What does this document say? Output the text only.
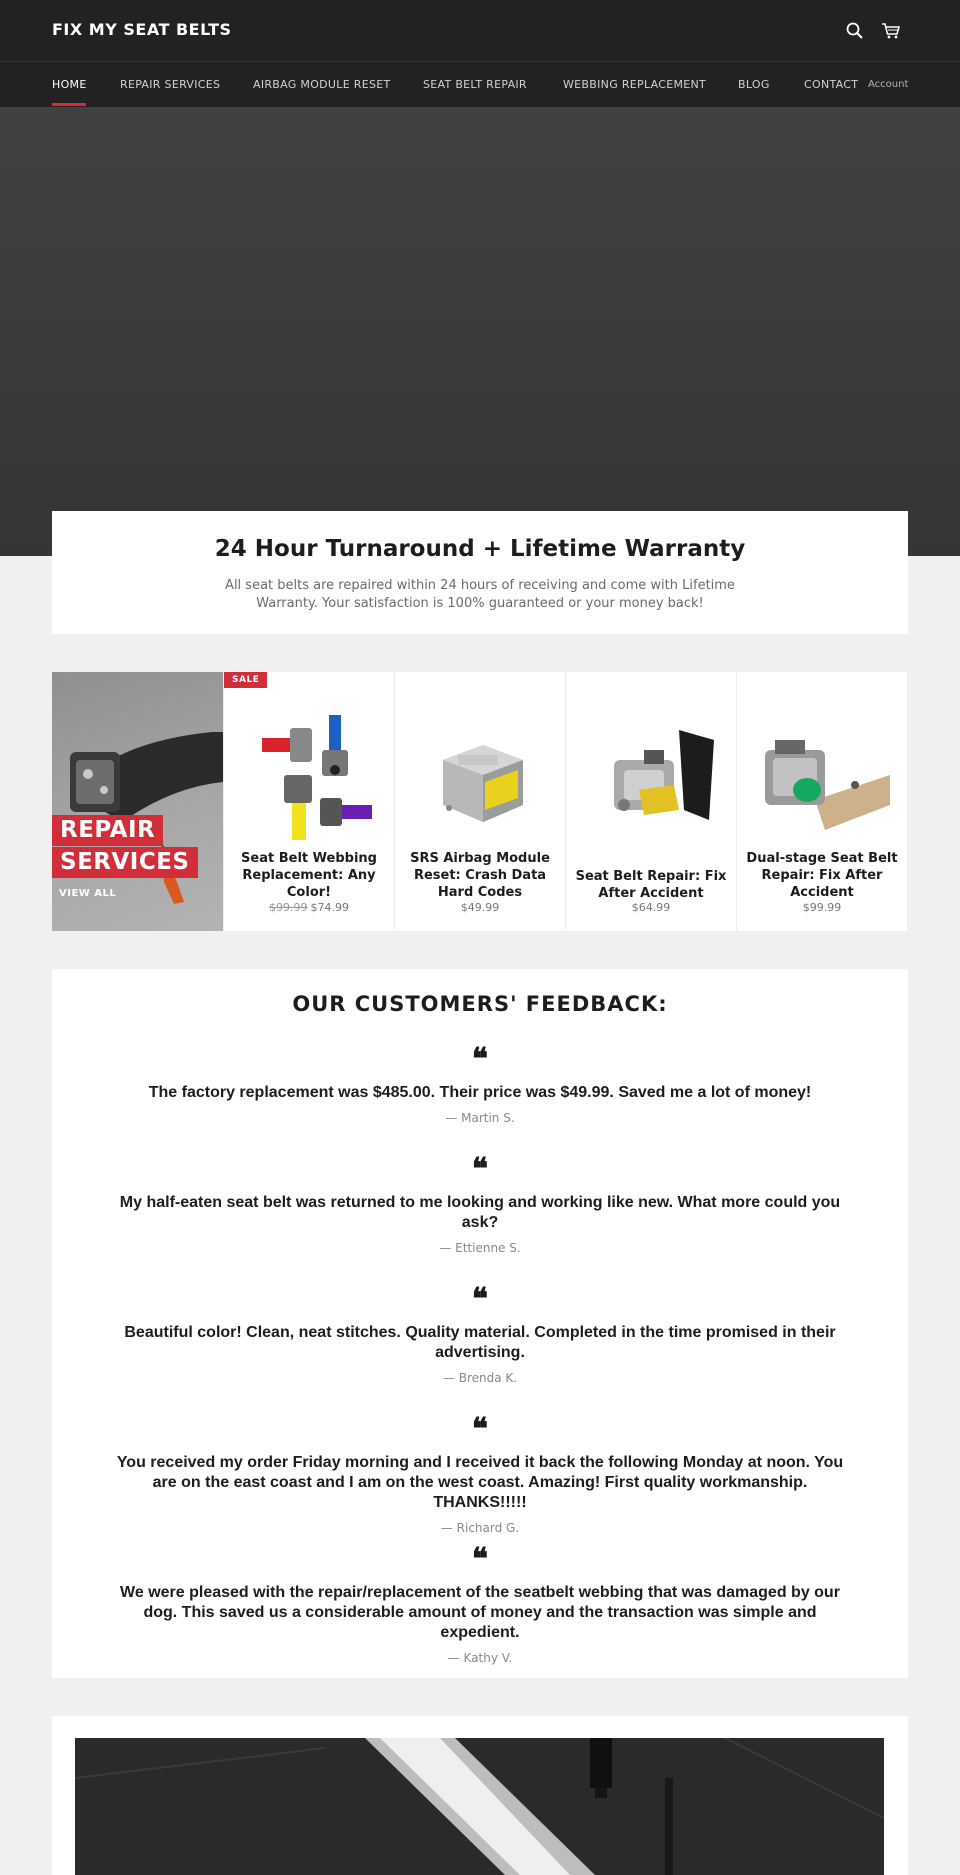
FIX MY SEAT BELTS
HOME	REPAIR SERVICES	AIRBAG MODULE RESET	SEAT BELT REPAIR	WEBBING REPLACEMENT	BLOG	CONTACT Account
24 Hour Turnaround + Lifetime Warranty

All seat belts are repaired within 24 hours of receiving and come with Lifetime Warranty. Your satisfaction is 100% guaranteed or your money back!

REPAIR
SERVICES
VIEW ALL
SALE
Seat Belt Webbing Replacement: Any Color!
$99.99 $74.99
SRS Airbag Module Reset: Crash Data Hard Codes
$49.99
Seat Belt Repair: Fix After Accident
$64.99
Dual-stage Seat Belt Repair: Fix After Accident
$99.99
OUR CUSTOMERS' FEEDBACK:
❝
The factory replacement was $485.00. Their price was $49.99. Saved me a lot of money!
— Martin S.
❝
My half-eaten seat belt was returned to me looking and working like new. What more could you ask?
— Ettienne S.
❝
Beautiful color! Clean, neat stitches. Quality material. Completed in the time promised in their advertising.
— Brenda K.
❝
You received my order Friday morning and I received it back the following Monday at noon. You are on the east coast and I am on the west coast. Amazing! First quality workmanship. THANKS!!!!!
— Richard G.
❝
We were pleased with the repair/replacement of the seatbelt webbing that was damaged by our dog. This saved us a considerable amount of money and the transaction was simple and expedient.
— Kathy V.
